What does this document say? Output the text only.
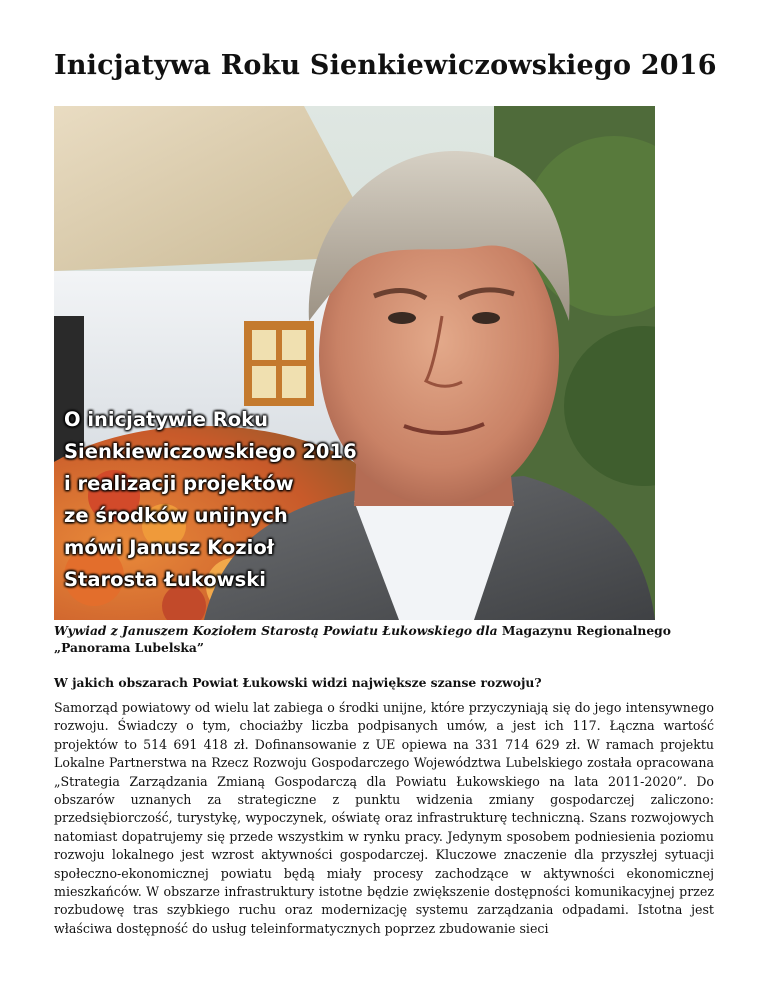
Inicjatywa Roku Sienkiewiczowskiego 2016
O inicjatywie Roku
Sienkiewiczowskiego 2016
i realizacji projektów
ze środków unijnych
mówi Janusz Kozioł
Starosta Łukowski
Wywiad z Januszem Koziołem Starostą Powiatu Łukowskiego dla Magazynu Regionalnego „Panorama Lubelska”
W jakich obszarach Powiat Łukowski widzi największe szanse rozwoju?

Samorząd powiatowy od wielu lat zabiega o środki unijne, które przyczyniają się do jego intensywnego rozwoju. Świadczy o tym, chociażby liczba podpisanych umów, a jest ich 117. Łączna wartość projektów to 514 691 418 zł. Dofinansowanie z UE opiewa na 331 714 629 zł. W ramach projektu Lokalne Partnerstwa na Rzecz Rozwoju Gospodarczego Województwa Lubelskiego została opracowana „Strategia Zarządzania Zmianą Gospodarczą dla Powiatu Łukowskiego na lata 2011-2020”. Do obszarów uznanych za strategiczne z punktu widzenia zmiany gospodarczej zaliczono: przedsiębiorczość, turystykę, wypoczynek, oświatę oraz infrastrukturę techniczną. Szans rozwojowych natomiast dopatrujemy się przede wszystkim w rynku pracy. Jedynym sposobem podniesienia poziomu rozwoju lokalnego jest wzrost aktywności gospodarczej. Kluczowe znaczenie dla przyszłej sytuacji społeczno-ekonomicznej powiatu będą miały procesy zachodzące w aktywności ekonomicznej mieszkańców. W obszarze infrastruktury istotne będzie zwiększenie dostępności komunikacyjnej przez rozbudowę tras szybkiego ruchu oraz modernizację systemu zarządzania odpadami. Istotna jest właściwa dostępność do usług teleinformatycznych poprzez zbudowanie sieci
